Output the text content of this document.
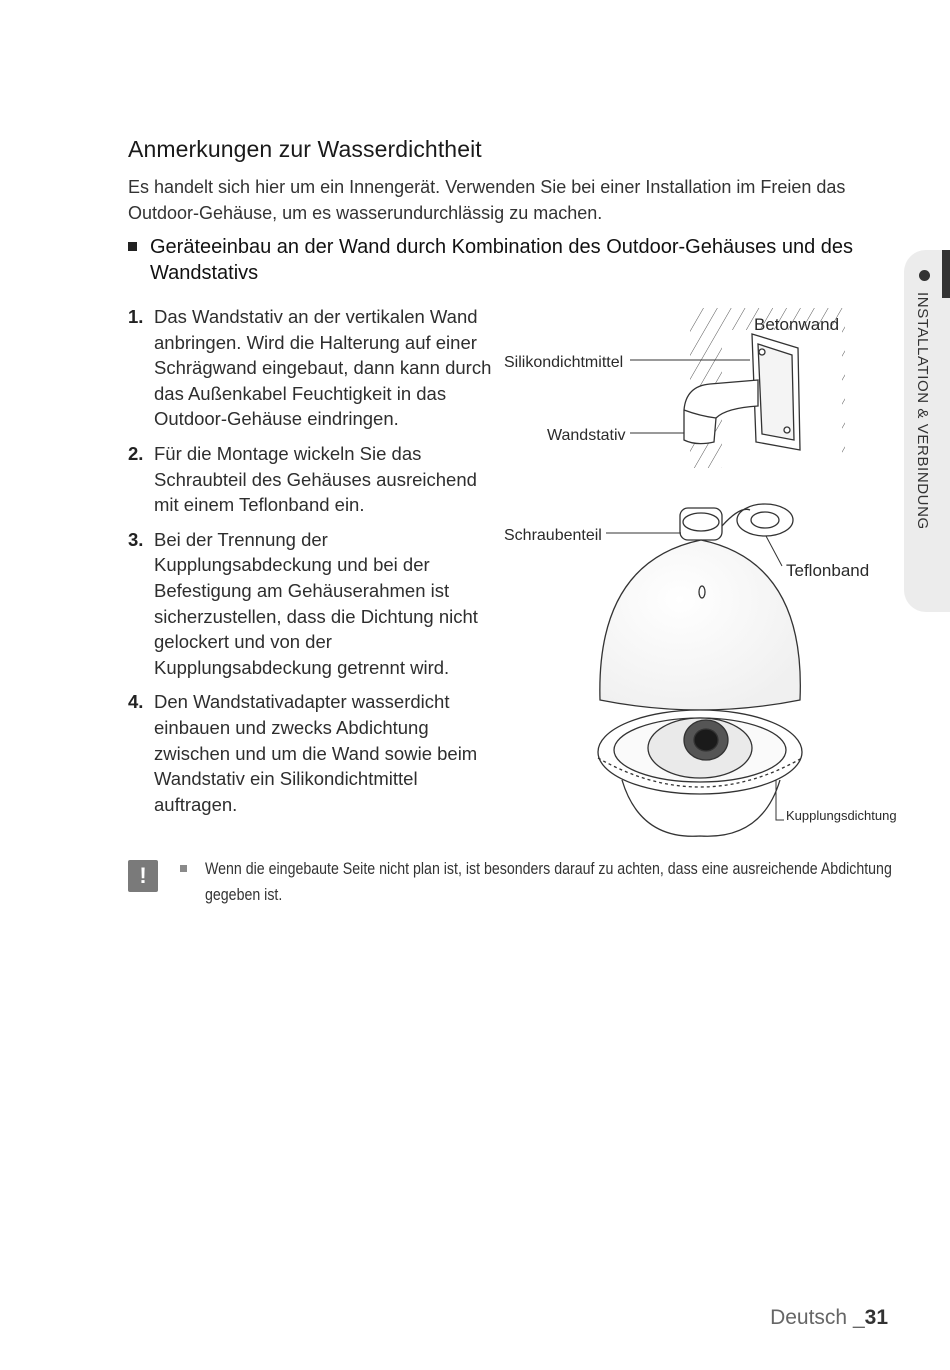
Anmerkungen zur Wasserdichtheit

Es handelt sich hier um ein Innengerät. Verwenden Sie bei einer Installation im Freien das Outdoor-Gehäuse, um es wasserundurchlässig zu machen.

Geräteeinbau an der Wand durch Kombination des Outdoor-Gehäuses und des Wandstativs
1. Das Wandstativ an der vertikalen Wand anbringen. Wird die Halterung auf einer Schrägwand eingebaut, dann kann durch das Außenkabel Feuchtigkeit in das Outdoor-Gehäuse eindringen.
2. Für die Montage wickeln Sie das Schraubteil des Gehäuses ausreichend mit einem Teflonband ein.
3. Bei der Trennung der Kupplungsabdeckung und bei der Befestigung am Gehäuserahmen ist sicherzustellen, dass die Dichtung nicht gelockert und von der Kupplungsabdeckung getrennt wird.
4. Den Wandstativadapter wasserdicht einbauen und zwecks Abdichtung zwischen und um die Wand sowie beim Wandstativ ein Silikondichtmittel auftragen.
Betonwand
Silikondichtmittel
Wandstativ
Schraubenteil
Teflonband
Kupplungsdichtung
!	Wenn die eingebaute Seite nicht plan ist, ist besonders darauf zu achten, dass eine ausreichende Abdichtung gegeben ist.

INSTALLATION & VERBINDUNG
Deutsch _31
